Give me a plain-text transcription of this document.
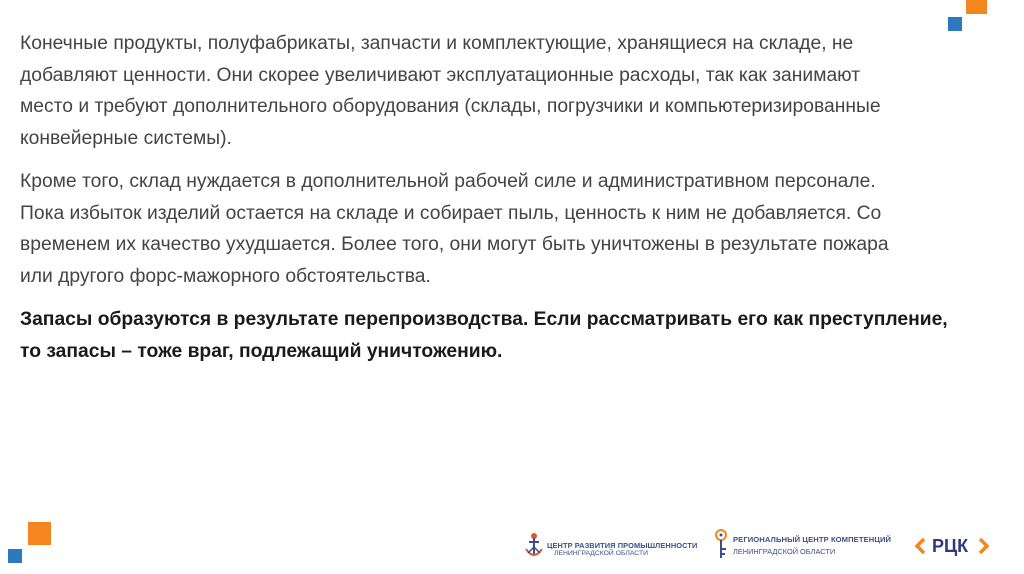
Конечные продукты, полуфабрикаты, запчасти и комплектующие, хранящиеся на складе, не
добавляют ценности. Они скорее увеличивают эксплуатационные расходы, так как занимают
место и требуют дополнительного оборудования (склады, погрузчики и компьютеризированные
конвейерные системы).

Кроме того, склад нуждается в дополнительной рабочей силе и административном персонале.
Пока избыток изделий остается на складе и собирает пыль, ценность к ним не добавляется. Со
временем их качество ухудшается. Более того, они могут быть уничтожены в результате пожара
или другого форс-мажорного обстоятельства.

Запасы образуются в результате перепроизводства. Если рассматривать его как преступление,
то запасы – тоже враг, подлежащий уничтожению.

ЦЕНТР РАЗВИТИЯ ПРОМЫШЛЕННОСТИ
ЛЕНИНГРАДСКОЙ ОБЛАСТИ
РЕГИОНАЛЬНЫЙ ЦЕНТР КОМПЕТЕНЦИЙ
ЛЕНИНГРАДСКОЙ ОБЛАСТИ	РЦК
